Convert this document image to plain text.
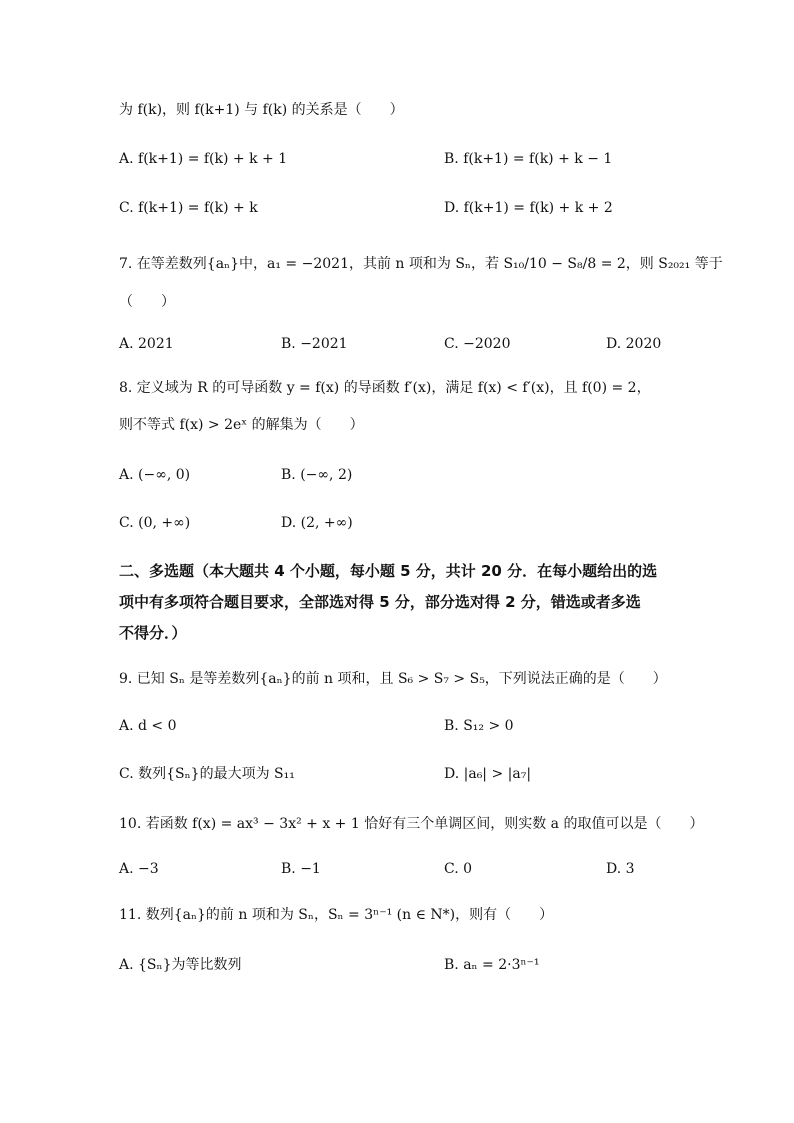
为 f(k)，则 f(k+1) 与 f(k) 的关系是（　　）
A. f(k+1) = f(k) + k + 1	B. f(k+1) = f(k) + k − 1
C. f(k+1) = f(k) + k	D. f(k+1) = f(k) + k + 2
7. 在等差数列{aₙ}中，a₁ = −2021，其前 n 项和为 Sₙ，若 S₁₀/10 − S₈/8 = 2，则 S₂₀₂₁ 等于
（　　）
A. 2021	B. −2021	C. −2020	D. 2020
8. 定义域为 R 的可导函数 y = f(x) 的导函数 f′(x)，满足 f(x) < f′(x)，且 f(0) = 2，
则不等式 f(x) > 2eˣ 的解集为（　　）
A. (−∞, 0)	B. (−∞, 2)
C. (0, +∞)	D. (2, +∞)
二、多选题（本大题共 4 个小题，每小题 5 分，共计 20 分．在每小题给出的选
项中有多项符合题目要求，全部选对得 5 分，部分选对得 2 分，错选或者多选
不得分．）
9. 已知 Sₙ 是等差数列{aₙ}的前 n 项和，且 S₆ > S₇ > S₅，下列说法正确的是（　　）
A. d < 0	B. S₁₂ > 0
C. 数列{Sₙ}的最大项为 S₁₁	D. |a₆| > |a₇|
10. 若函数 f(x) = ax³ − 3x² + x + 1 恰好有三个单调区间，则实数 a 的取值可以是（　　）
A. −3	B. −1	C. 0	D. 3
11. 数列{aₙ}的前 n 项和为 Sₙ，Sₙ = 3ⁿ⁻¹ (n ∈ N*)，则有（　　）
A. {Sₙ}为等比数列	B. aₙ = 2·3ⁿ⁻¹
